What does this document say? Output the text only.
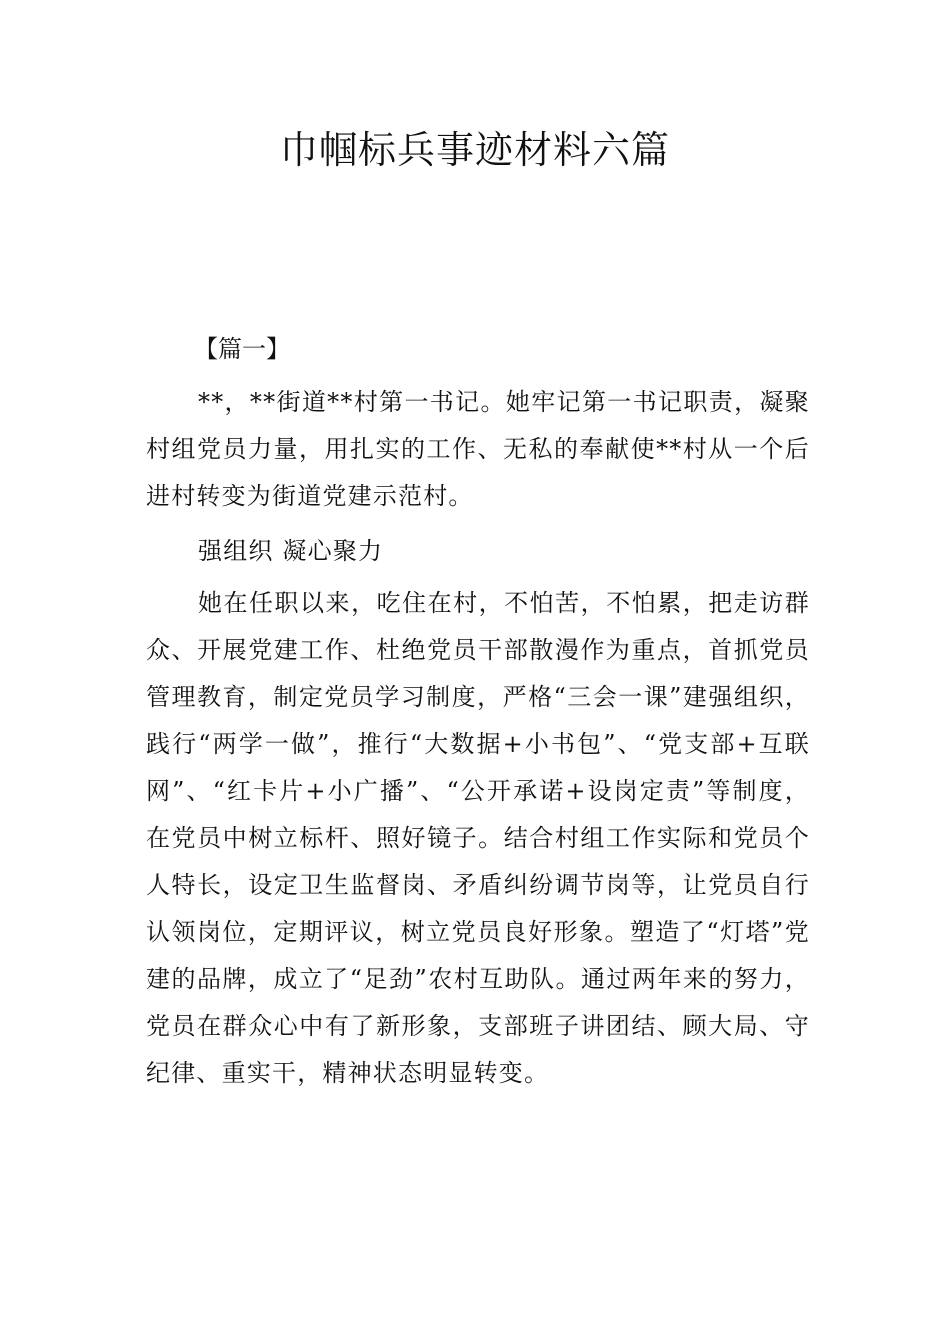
巾帼标兵事迹材料六篇

【篇一】

**，**街道**村第一书记。她牢记第一书记职责，凝聚村组党员力量，用扎实的工作、无私的奉献使**村从一个后进村转变为街道党建示范村。

强组织 凝心聚力

她在任职以来，吃住在村，不怕苦，不怕累，把走访群众、开展党建工作、杜绝党员干部散漫作为重点，首抓党员管理教育，制定党员学习制度，严格“三会一课”建强组织，践行“两学一做”，推行“大数据+小书包”、“党支部+互联网”、“红卡片+小广播”、“公开承诺+设岗定责”等制度，在党员中树立标杆、照好镜子。结合村组工作实际和党员个人特长，设定卫生监督岗、矛盾纠纷调节岗等，让党员自行认领岗位，定期评议，树立党员良好形象。塑造了“灯塔”党建的品牌，成立了“足劲”农村互助队。通过两年来的努力，党员在群众心中有了新形象，支部班子讲团结、顾大局、守纪律、重实干，精神状态明显转变。
